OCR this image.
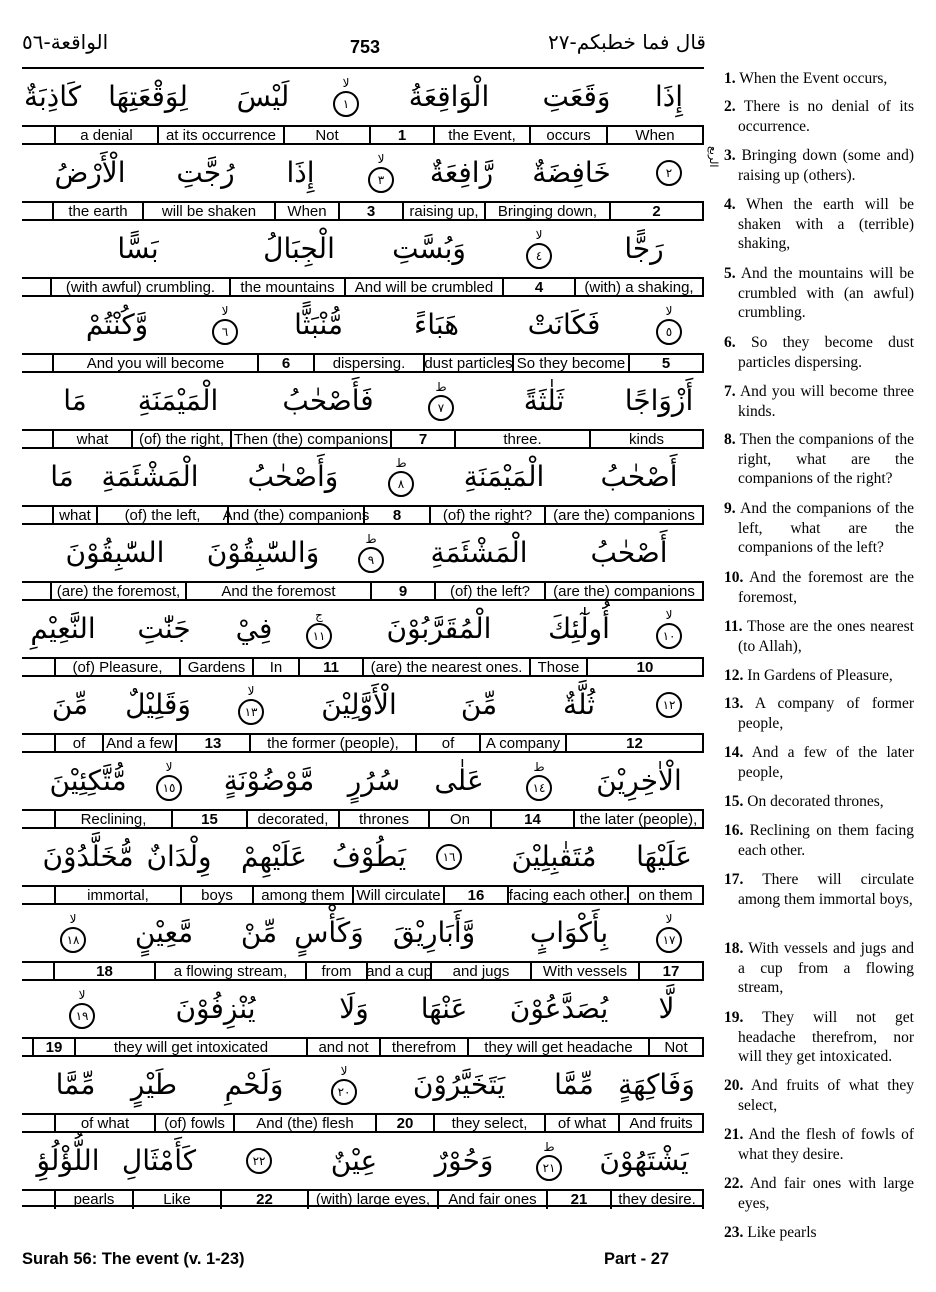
قال فما خطبكم-٢٧
753
الواقعة-٥٦
إِذَا
وَقَعَتِ
الْوَاقِعَةُ
لا
١
لَيْسَ
لِوَقْعَتِهَا
كَاذِبَةٌ
When
occurs
the Event,
1
Not
at its occurrence
a denial
٢
خَافِضَةٌ
رَّافِعَةٌ
لا
٣
إِذَا
رُجَّتِ
الْأَرْضُ
2
Bringing down,
raising up,
3
When
will be shaken
the earth
رَجًّا
لا
٤
وَبُسَّتِ
الْجِبَالُ
بَسًّا
(with) a shaking,
4
And will be crumbled
the mountains
(with awful) crumbling.
لا
٥
فَكَانَتْ
هَبَاءً
مُّنْبَثًّا
لا
٦
وَّكُنْتُمْ
5
So they become
dust particles
dispersing.
6
And you will become
أَزْوَاجًا
ثَلٰثَةً
ط
٧
فَأَصْحٰبُ
الْمَيْمَنَةِ
مَا
kinds
three.
7
Then (the) companions
(of) the right,
what
أَصْحٰبُ
الْمَيْمَنَةِ
ط
٨
وَأَصْحٰبُ
الْمَشْئَمَةِ
مَا
(are the) companions
(of) the right?
8
And (the) companions
(of) the left,
what
أَصْحٰبُ
الْمَشْئَمَةِ
ط
٩
وَالسّٰبِقُوْنَ
السّٰبِقُوْنَ
(are the) companions
(of) the left?
9
And the foremost
(are) the foremost,
لا
١٠
أُولٰٓئِكَ
الْمُقَرَّبُوْنَ
ج
١١
فِيْ
جَنّٰتِ
النَّعِيْمِ
10
Those
(are) the nearest ones.
11
In
Gardens
(of) Pleasure,
١٢
ثُلَّةٌ
مِّنَ
الْأَوَّلِيْنَ
لا
١٣
وَقَلِيْلٌ
مِّنَ
12
A company
of
the former (people),
13
And a few
of
الْاٰخِرِيْنَ
ط
١٤
عَلٰى
سُرُرٍ
مَّوْضُوْنَةٍ
لا
١٥
مُّتَّكِئِيْنَ
the later (people),
14
On
thrones
decorated,
15
Reclining,
عَلَيْهَا
مُتَقٰبِلِيْنَ
١٦
يَطُوْفُ
عَلَيْهِمْ
وِلْدَانٌ
مُّخَلَّدُوْنَ
on them
facing each other.
16
Will circulate
among them
boys
immortal,
لا
١٧
بِأَكْوَابٍ
وَّأَبَارِيْقَ
وَكَأْسٍ
مِّنْ
مَّعِيْنٍ
لا
١٨
17
With vessels
and jugs
and a cup
from
a flowing stream,
18
لَّا
يُصَدَّعُوْنَ
عَنْهَا
وَلَا
يُنْزِفُوْنَ
لا
١٩
Not
they will get headache
therefrom
and not
they will get intoxicated
19
وَفَاكِهَةٍ
مِّمَّا
يَتَخَيَّرُوْنَ
لا
٢٠
وَلَحْمِ
طَيْرٍ
مِّمَّا
And fruits
of what
they select,
20
And (the) flesh
(of) fowls
of what
يَشْتَهُوْنَ
ط
٢١
وَحُوْرٌ
عِيْنٌ
٢٢
كَأَمْثَالِ
اللُّؤْلُؤِ
they desire.
21
And fair ones
(with) large eyes,
22
Like
pearls
الربع
1. When the Event occurs,
2. There is no denial of its occurrence.
3. Bringing down (some and) raising up (others).
4. When the earth will be shaken with a (terrible) shaking,
5. And the mountains will be crumbled with (an awful) crumbling.
6. So they become dust particles dispersing.
7. And you will become three kinds.
8. Then the companions of the right, what are the companions of the right?
9. And the companions of the left, what are the companions of the left?
10. And the foremost are the foremost,
11. Those are the ones nearest (to Allah),
12. In Gardens of Pleasure,
13. A company of former people,
14. And a few of the later people,
15. On decorated thrones,
16. Reclining on them facing each other.
17. There will circulate among them immortal boys,
18. With vessels and jugs and a cup from a flowing stream,
19. They will not get headache therefrom, nor will they get intoxicated.
20. And fruits of what they select,
21. And the flesh of fowls of what they desire.
22. And fair ones with large eyes,
23. Like pearls
Surah 56: The event (v. 1-23)	Part - 27
